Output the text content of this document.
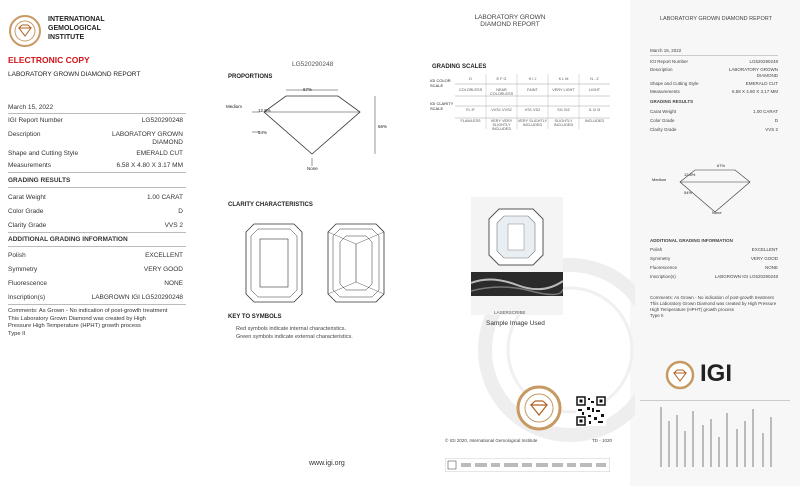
INTERNATIONAL
GEMOLOGICAL
INSTITUTE
ELECTRONIC COPY
LABORATORY GROWN DIAMOND REPORT
March 15, 2022
IGI Report Number	LG520290248
Description	LABORATORY GROWN
DIAMOND
Shape and Cutting Style	EMERALD CUT
Measurements	6.58 X 4.80 X 3.17 MM
GRADING RESULTS
Carat Weight	1.00 CARAT
Color Grade	D
Clarity Grade	VVS 2
ADDITIONAL GRADING INFORMATION
Polish	EXCELLENT
Symmetry	VERY GOOD
Fluorescence	NONE
Inscription(s)	LABGROWN IGI LG520290248
Comments: As Grown - No indication of post-growth treatment
This Laboratory Grown Diamond was created by High Pressure High Temperature (HPHT) growth process
Type II
LG520290248
PROPORTIONS
67%
66%
Medium
12.8%
54%
None
CLARITY CHARACTERISTICS
KEY TO SYMBOLS
Red symbols indicate internal characteristics.
Green symbols indicate external characteristics.
www.igi.org
LABORATORY GROWN
DIAMOND REPORT
GRADING SCALES
IGI COLOR
SCALE
IGI CLARITY
SCALE
D	E F G	H I J	K L M	N - Z
COLORLESS	NEAR COLORLESS
FAINT	VERY LIGHT	LIGHT
FL IF	VVS1 VVS2	VS1 VS2	SI1 SI2	I1 I2 I3
FLAWLESS	VERY VERY SLIGHTLY INCLUDED
VERY SLIGHTLY INCLUDED
SLIGHTLY INCLUDED
INCLUDED
LASERSCRIBE
Sample Image Used
© IGI 2020, International Gemological Institute	TD - 1020
LABORATORY GROWN DIAMOND REPORT
March 15, 2022
IGI Report Number	LG520290248
Description	LABORATORY GROWN DIAMOND
Shape and Cutting Style	EMERALD CUT
Measurements	6.58 X 4.80 X 3.17 MM
GRADING RESULTS
Carat Weight	1.00 CARAT
Color Grade	D
Clarity Grade	VVS 2
67%
Medium
12.8%
54%
None
ADDITIONAL GRADING INFORMATION
Polish	EXCELLENT
Symmetry	VERY GOOD
Fluorescence	NONE
Inscription(s)	LABGROWN IGI LG520290248
Comments: As Grown - No indication of post-growth treatment
This Laboratory Grown Diamond was created by High Pressure High Temperature (HPHT) growth process
Type II
IGI
